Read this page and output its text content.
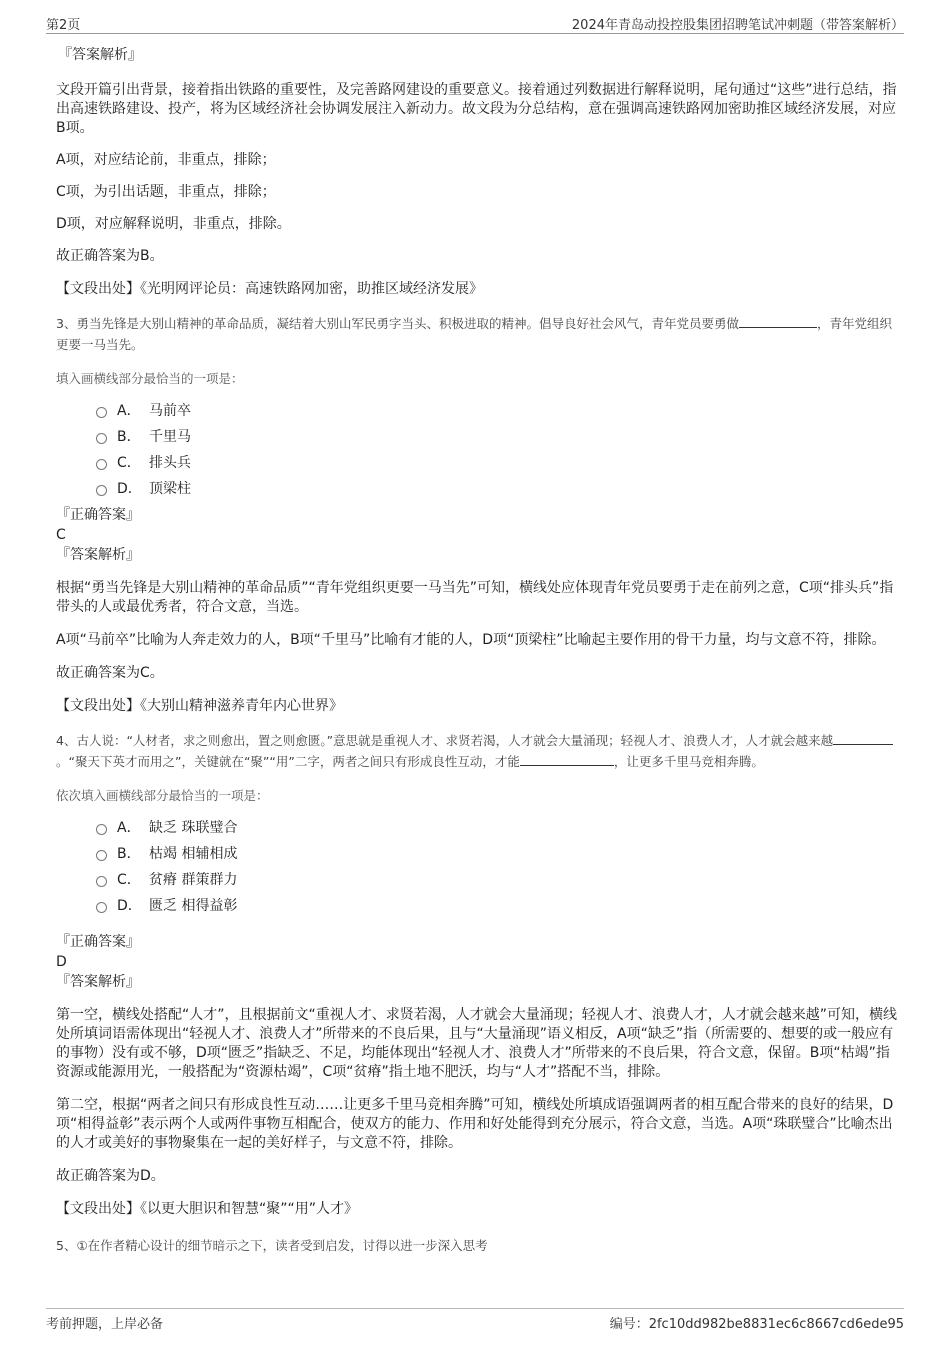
第2页	2024年青岛动投控股集团招聘笔试冲刺题（带答案解析）

『答案解析』

文段开篇引出背景，接着指出铁路的重要性，及完善路网建设的重要意义。接着通过列数据进行解释说明，尾句通过“这些”进行总结，指出高速铁路建设、投产，将为区域经济社会协调发展注入新动力。故文段为分总结构，意在强调高速铁路网加密助推区域经济发展，对应B项。

A项，对应结论前，非重点，排除；

C项，为引出话题，非重点，排除；

D项，对应解释说明，非重点，排除。

故正确答案为B。

【文段出处】《光明网评论员：高速铁路网加密，助推区域经济发展》

3、勇当先锋是大别山精神的革命品质，凝结着大别山军民勇字当头、积极进取的精神。倡导良好社会风气，青年党员要勇做	，青年党组织更要一马当先。

填入画横线部分最恰当的一项是：

A． 马前卒
B． 千里马
C． 排头兵
D． 顶梁柱

『正确答案』

C

『答案解析』

根据“勇当先锋是大别山精神的革命品质”“青年党组织更要一马当先”可知，横线处应体现青年党员要勇于走在前列之意，C项“排头兵”指带头的人或最优秀者，符合文意，当选。

A项“马前卒”比喻为人奔走效力的人，B项“千里马”比喻有才能的人，D项“顶梁柱”比喻起主要作用的骨干力量，均与文意不符，排除。

故正确答案为C。

【文段出处】《大别山精神滋养青年内心世界》

4、古人说：“人材者，求之则愈出，置之则愈匮。”意思就是重视人才、求贤若渴，人才就会大量涌现；轻视人才、浪费人才，人才就会越来越。“聚天下英才而用之”，关键就在“聚”“用”二字，两者之间只有形成良性互动，才能	，让更多千里马竞相奔腾。

依次填入画横线部分最恰当的一项是：

A． 缺乏 珠联璧合
B． 枯竭 相辅相成
C． 贫瘠 群策群力
D． 匮乏 相得益彰

『正确答案』

D

『答案解析』

第一空，横线处搭配“人才”，且根据前文“重视人才、求贤若渴，人才就会大量涌现；轻视人才、浪费人才，人才就会越来越”可知，横线处所填词语需体现出“轻视人才、浪费人才”所带来的不良后果，且与“大量涌现”语义相反，A项“缺乏”指（所需要的、想要的或一般应有的事物）没有或不够，D项“匮乏”指缺乏、不足，均能体现出“轻视人才、浪费人才”所带来的不良后果，符合文意，保留。B项“枯竭”指资源或能源用光，一般搭配为“资源枯竭”，C项“贫瘠”指土地不肥沃，均与“人才”搭配不当，排除。

第二空，根据“两者之间只有形成良性互动……让更多千里马竞相奔腾”可知，横线处所填成语强调两者的相互配合带来的良好的结果，D项“相得益彰”表示两个人或两件事物互相配合，使双方的能力、作用和好处能得到充分展示，符合文意，当选。A项“珠联璧合”比喻杰出的人才或美好的事物聚集在一起的美好样子，与文意不符，排除。

故正确答案为D。

【文段出处】《以更大胆识和智慧“聚”“用”人才》

5、①在作者精心设计的细节暗示之下，读者受到启发，讨得以进一步深入思考

考前押题，上岸必备	编号：2fc10dd982be8831ec6c8667cd6ede95
